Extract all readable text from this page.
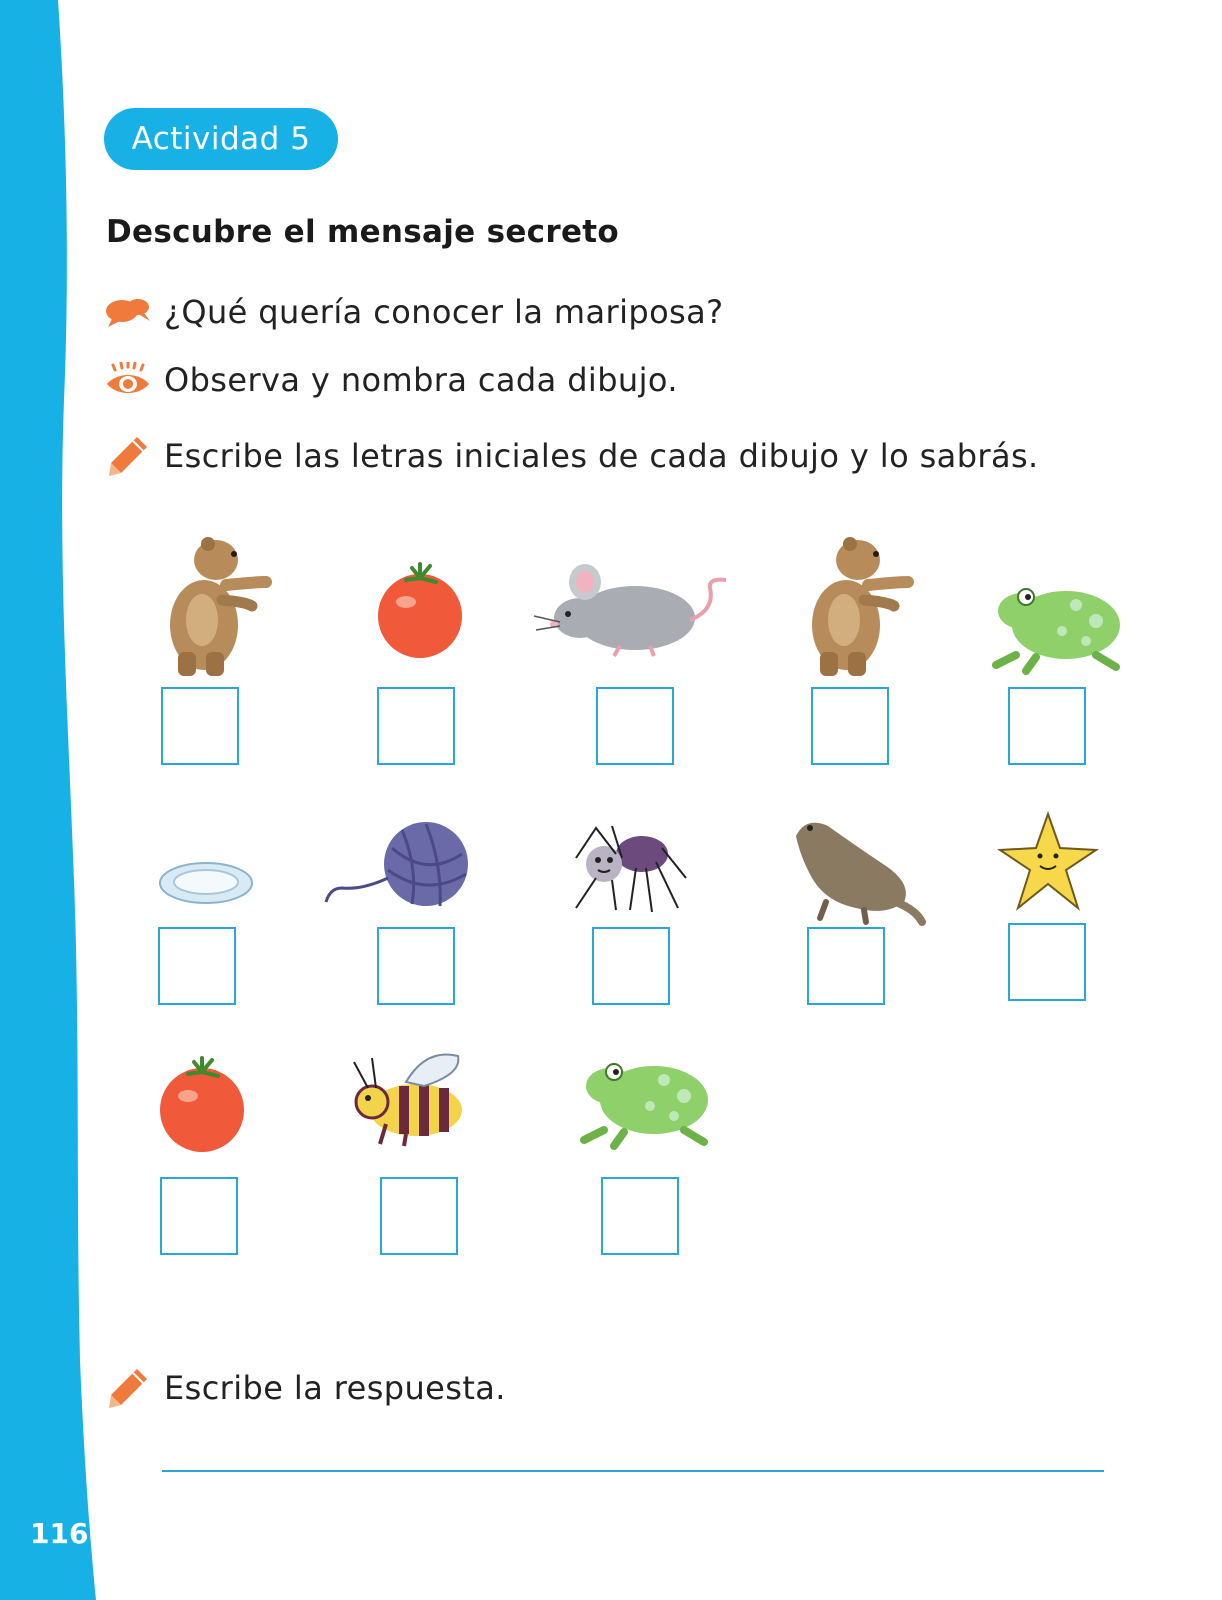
Actividad 5
Descubre el mensaje secreto
¿Qué quería conocer la mariposa?
Observa y nombra cada dibujo.
Escribe las letras iniciales de cada dibujo y lo sabrás.
Escribe la respuesta.
116
